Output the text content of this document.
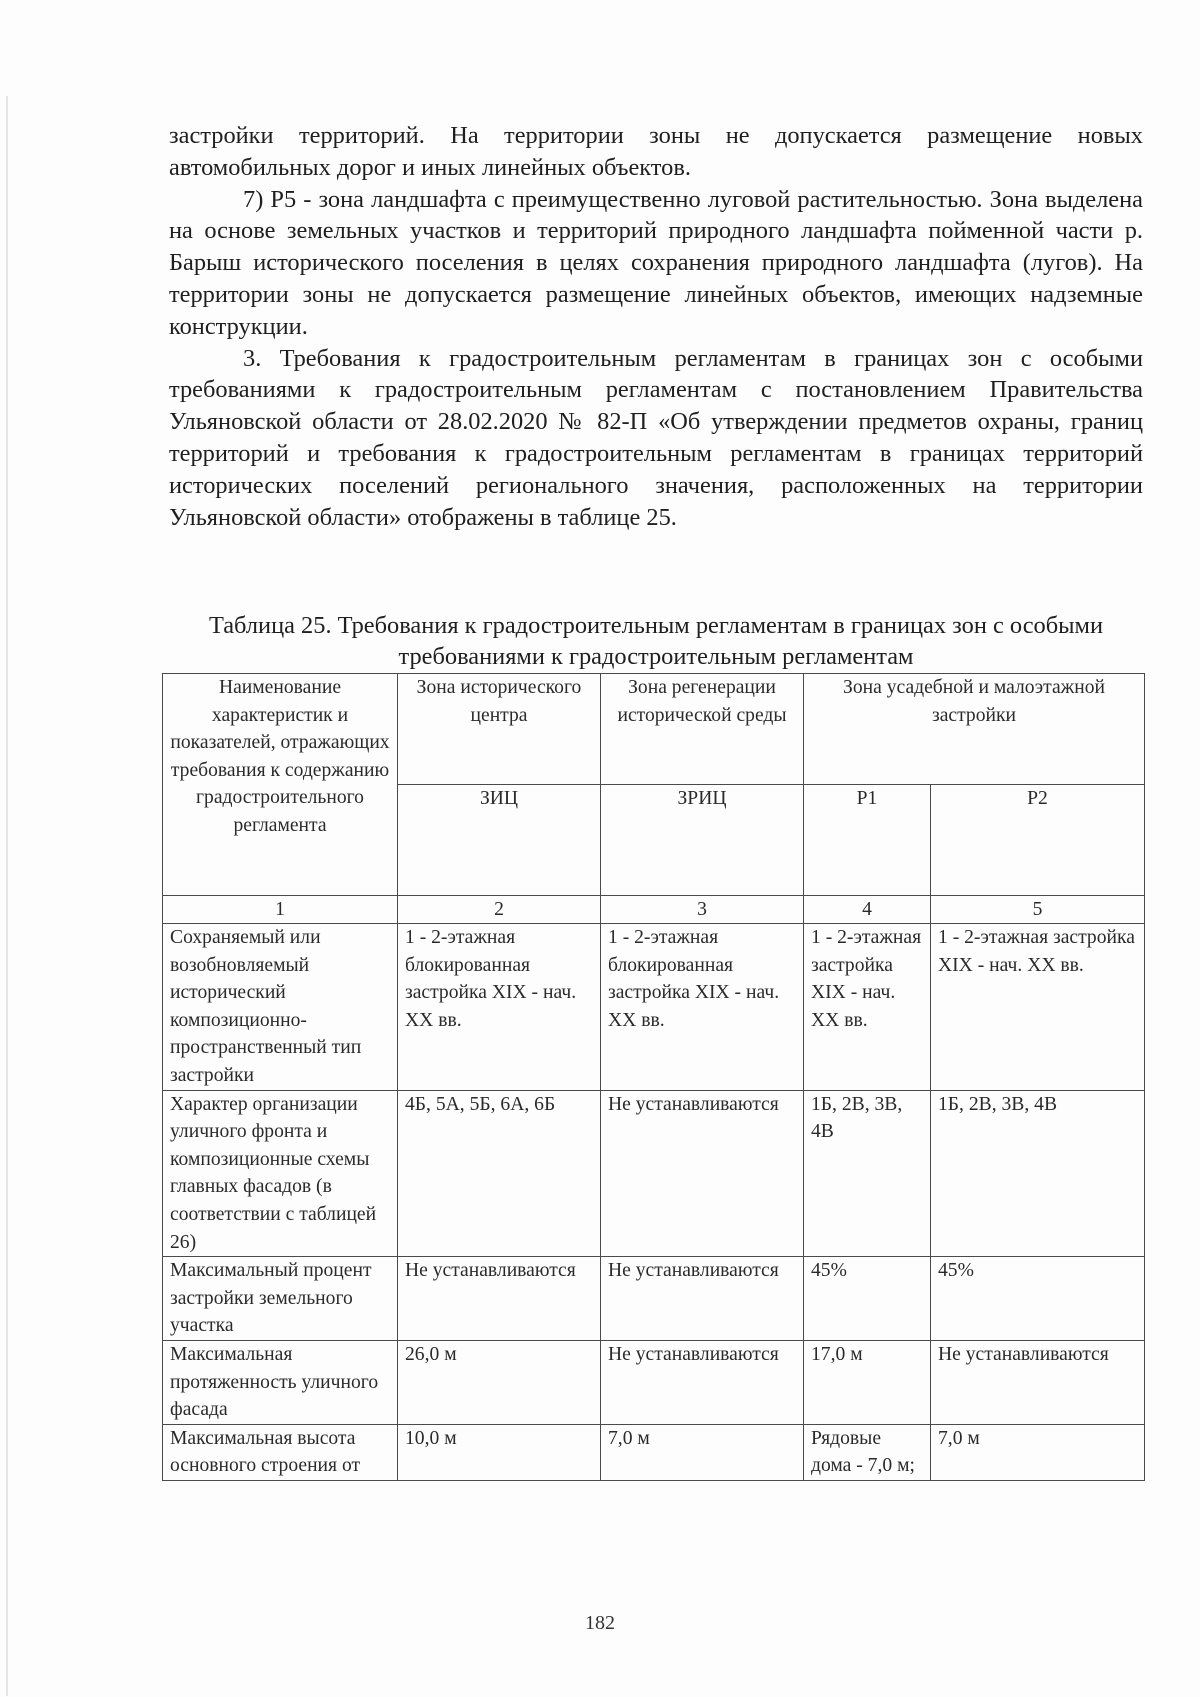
застройки территорий. На территории зоны не допускается размещение новых автомобильных дорог и иных линейных объектов.

7) Р5 - зона ландшафта с преимущественно луговой растительностью. Зона выделена на основе земельных участков и территорий природного ландшафта пойменной части р. Барыш исторического поселения в целях сохранения природного ландшафта (лугов). На территории зоны не допускается размещение линейных объектов, имеющих надземные конструкции.

3. Требования к градостроительным регламентам в границах зон с особыми требованиями к градостроительным регламентам с постановлением Правительства Ульяновской области от 28.02.2020 № 82-П «Об утверждении предметов охраны, границ территорий и требования к градостроительным регламентам в границах территорий исторических поселений регионального значения, расположенных на территории Ульяновской области» отображены в таблице 25.

Таблица 25. Требования к градостроительным регламентам в границах зон с особыми требованиями к градостроительным регламентам
Наименование характеристик и показателей, отражающих требования к содержанию градостроительного регламента	Зона исторического центра	Зона регенерации исторической среды	Зона усадебной и малоэтажной застройки	
	ЗИЦ	ЗРИЦ	Р1	Р2
1	2	3	4	5
Сохраняемый или возобновляемый исторический композиционно-пространственный тип застройки	1 - 2-этажная блокированная застройка XIX - нач. XX вв.	1 - 2-этажная блокированная застройка XIX - нач. XX вв.	1 - 2-этажная застройка XIX - нач. XX вв.	1 - 2-этажная застройка XIX - нач. XX вв.
Характер организации уличного фронта и композиционные схемы главных фасадов (в соответствии с таблицей 26)	4Б, 5А, 5Б, 6А, 6Б	Не устанавливаются	1Б, 2В, 3В, 4В	1Б, 2В, 3В, 4В
Максимальный процент застройки земельного участка	Не устанавливаются	Не устанавливаются	45%	45%
Максимальная протяженность уличного фасада	26,0 м	Не устанавливаются	17,0 м	Не устанавливаются
Максимальная высота основного строения от	10,0 м	7,0 м	Рядовые дома - 7,0 м;	7,0 м
182
